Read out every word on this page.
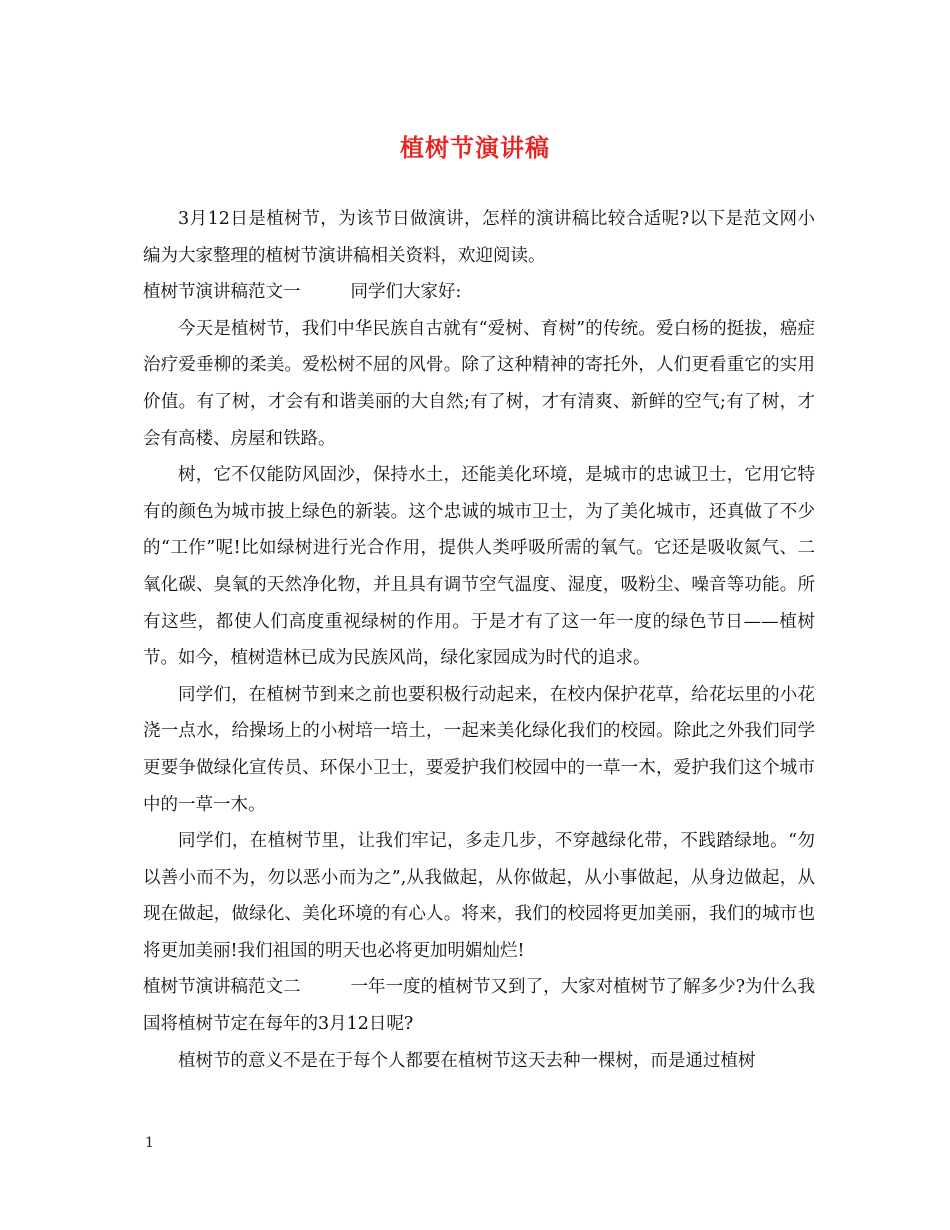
植树节演讲稿

3月12日是植树节，为该节日做演讲，怎样的演讲稿比较合适呢?以下是范文网小编为大家整理的植树节演讲稿相关资料，欢迎阅读。

植树节演讲稿范文一	同学们大家好:

今天是植树节，我们中华民族自古就有“爱树、育树”的传统。爱白杨的挺拔，癌症治疗爱垂柳的柔美。爱松树不屈的风骨。除了这种精神的寄托外，人们更看重它的实用价值。有了树，才会有和谐美丽的大自然;有了树，才有清爽、新鲜的空气;有了树，才会有高楼、房屋和铁路。

树，它不仅能防风固沙，保持水土，还能美化环境，是城市的忠诚卫士，它用它特有的颜色为城市披上绿色的新装。这个忠诚的城市卫士，为了美化城市，还真做了不少的“工作”呢!比如绿树进行光合作用，提供人类呼吸所需的氧气。它还是吸收氮气、二氧化碳、臭氧的天然净化物，并且具有调节空气温度、湿度，吸粉尘、噪音等功能。所有这些，都使人们高度重视绿树的作用。于是才有了这一年一度的绿色节日——植树节。如今，植树造林已成为民族风尚，绿化家园成为时代的追求。

同学们，在植树节到来之前也要积极行动起来，在校内保护花草，给花坛里的小花浇一点水，给操场上的小树培一培土，一起来美化绿化我们的校园。除此之外我们同学更要争做绿化宣传员、环保小卫士，要爱护我们校园中的一草一木，爱护我们这个城市中的一草一木。

同学们，在植树节里，让我们牢记，多走几步，不穿越绿化带，不践踏绿地。“勿以善小而不为，勿以恶小而为之”,从我做起，从你做起，从小事做起，从身边做起，从现在做起，做绿化、美化环境的有心人。将来，我们的校园将更加美丽，我们的城市也将更加美丽!我们祖国的明天也必将更加明媚灿烂!

植树节演讲稿范文二	一年一度的植树节又到了，大家对植树节了解多少?为什么我国将植树节定在每年的3月12日呢?

植树节的意义不是在于每个人都要在植树节这天去种一棵树，而是通过植树

1
